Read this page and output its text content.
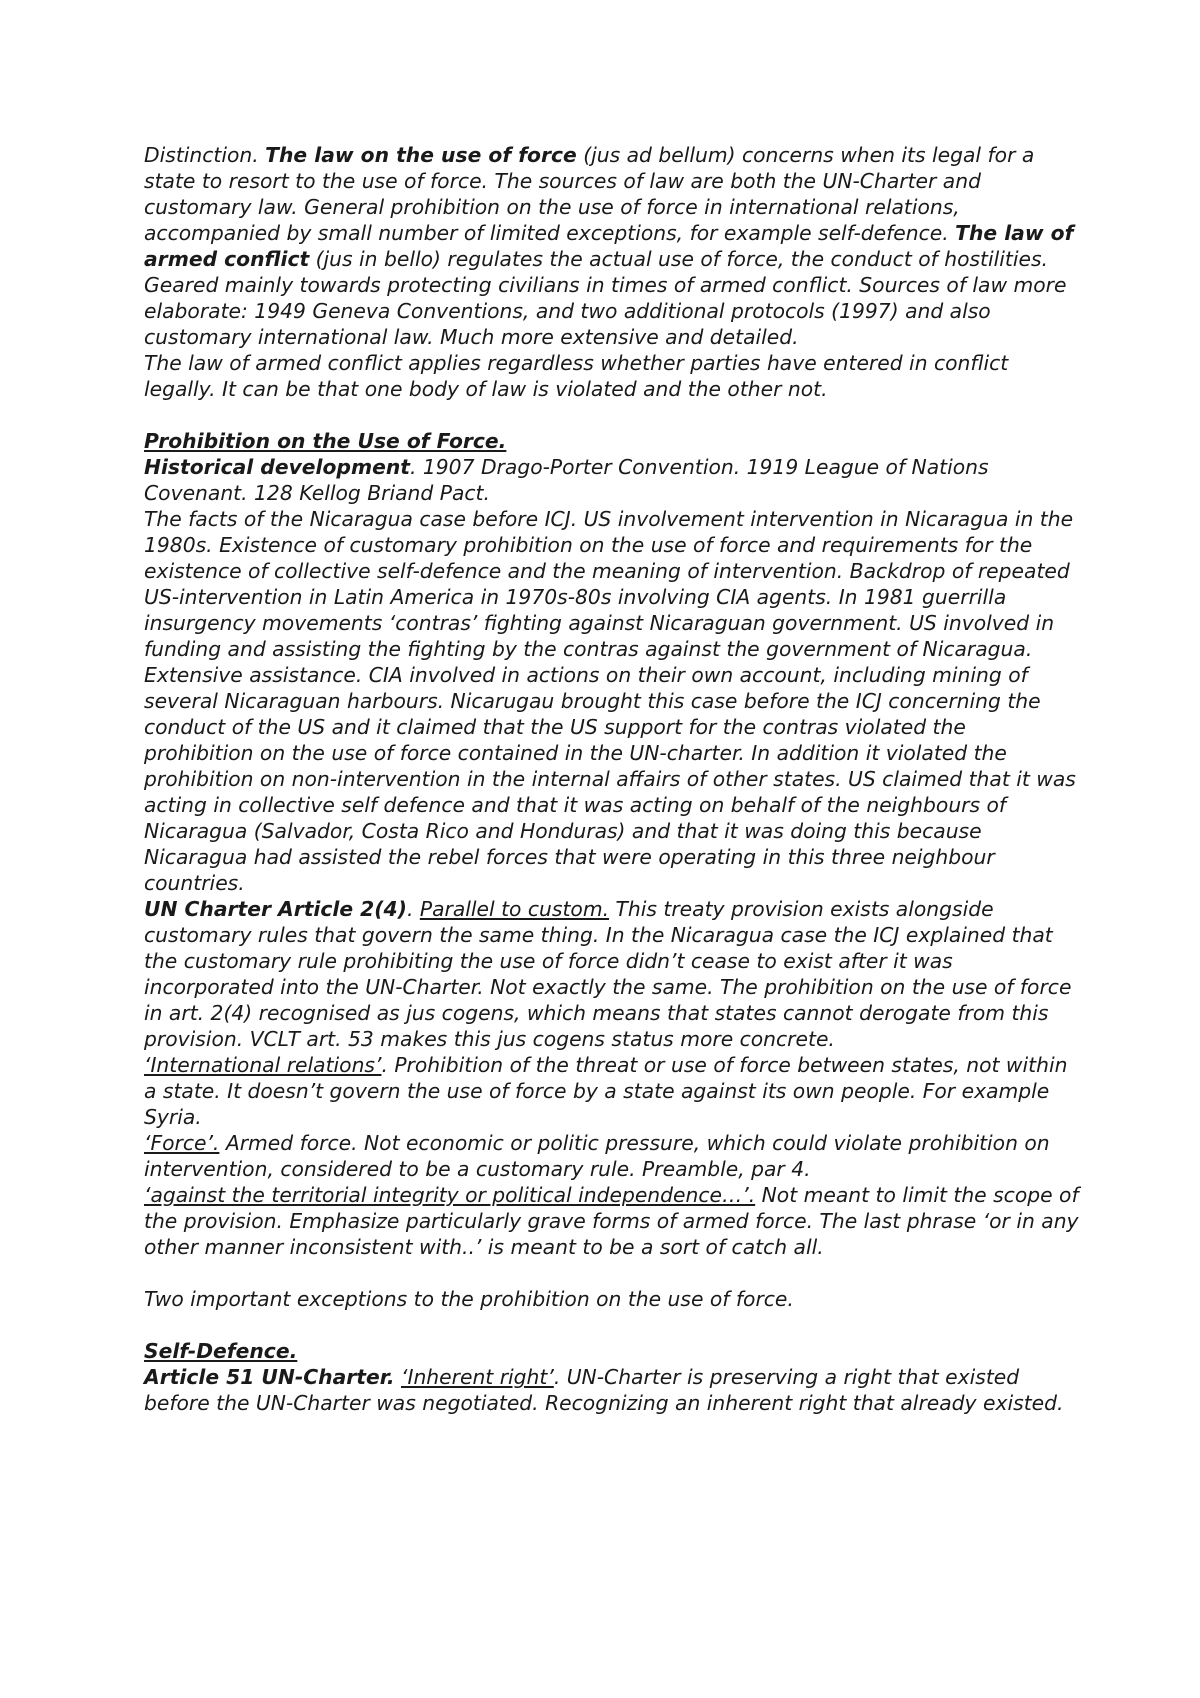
Distinction. The law on the use of force (jus ad bellum) concerns when its legal for a state to resort to the use of force. The sources of law are both the UN-Charter and customary law. General prohibition on the use of force in international relations, accompanied by small number of limited exceptions, for example self-defence. The law of armed conflict (jus in bello) regulates the actual use of force, the conduct of hostilities. Geared mainly towards protecting civilians in times of armed conflict. Sources of law more elaborate: 1949 Geneva Conventions, and two additional protocols (1997) and also customary international law. Much more extensive and detailed.

The law of armed conflict applies regardless whether parties have entered in conflict legally. It can be that one body of law is violated and the other not.

Prohibition on the Use of Force.

Historical development. 1907 Drago-Porter Convention. 1919 League of Nations Covenant. 128 Kellog Briand Pact.

The facts of the Nicaragua case before ICJ. US involvement intervention in Nicaragua in the 1980s. Existence of customary prohibition on the use of force and requirements for the existence of collective self-defence and the meaning of intervention. Backdrop of repeated US-intervention in Latin America in 1970s-80s involving CIA agents. In 1981 guerrilla insurgency movements ‘contras’ fighting against Nicaraguan government. US involved in funding and assisting the fighting by the contras against the government of Nicaragua. Extensive assistance. CIA involved in actions on their own account, including mining of several Nicaraguan harbours. Nicarugau brought this case before the ICJ concerning the conduct of the US and it claimed that the US support for the contras violated the prohibition on the use of force contained in the UN-charter. In addition it violated the prohibition on non-intervention in the internal affairs of other states. US claimed that it was acting in collective self defence and that it was acting on behalf of the neighbours of Nicaragua (Salvador, Costa Rico and Honduras) and that it was doing this because Nicaragua had assisted the rebel forces that were operating in this three neighbour countries.

UN Charter Article 2(4). Parallel to custom. This treaty provision exists alongside customary rules that govern the same thing. In the Nicaragua case the ICJ explained that the customary rule prohibiting the use of force didn’t cease to exist after it was incorporated into the UN-Charter. Not exactly the same. The prohibition on the use of force in art. 2(4) recognised as jus cogens, which means that states cannot derogate from this provision. VCLT art. 53 makes this jus cogens status more concrete.

‘International relations’. Prohibition of the threat or use of force between states, not within a state. It doesn’t govern the use of force by a state against its own people. For example Syria.

‘Force’. Armed force. Not economic or politic pressure, which could violate prohibition on intervention, considered to be a customary rule. Preamble, par 4.

‘against the territorial integrity or political independence…’. Not meant to limit the scope of the provision. Emphasize particularly grave forms of armed force. The last phrase ‘or in any other manner inconsistent with..’ is meant to be a sort of catch all.

Two important exceptions to the prohibition on the use of force.

Self-Defence.

Article 51 UN-Charter. ‘Inherent right’. UN-Charter is preserving a right that existed before the UN-Charter was negotiated. Recognizing an inherent right that already existed.
